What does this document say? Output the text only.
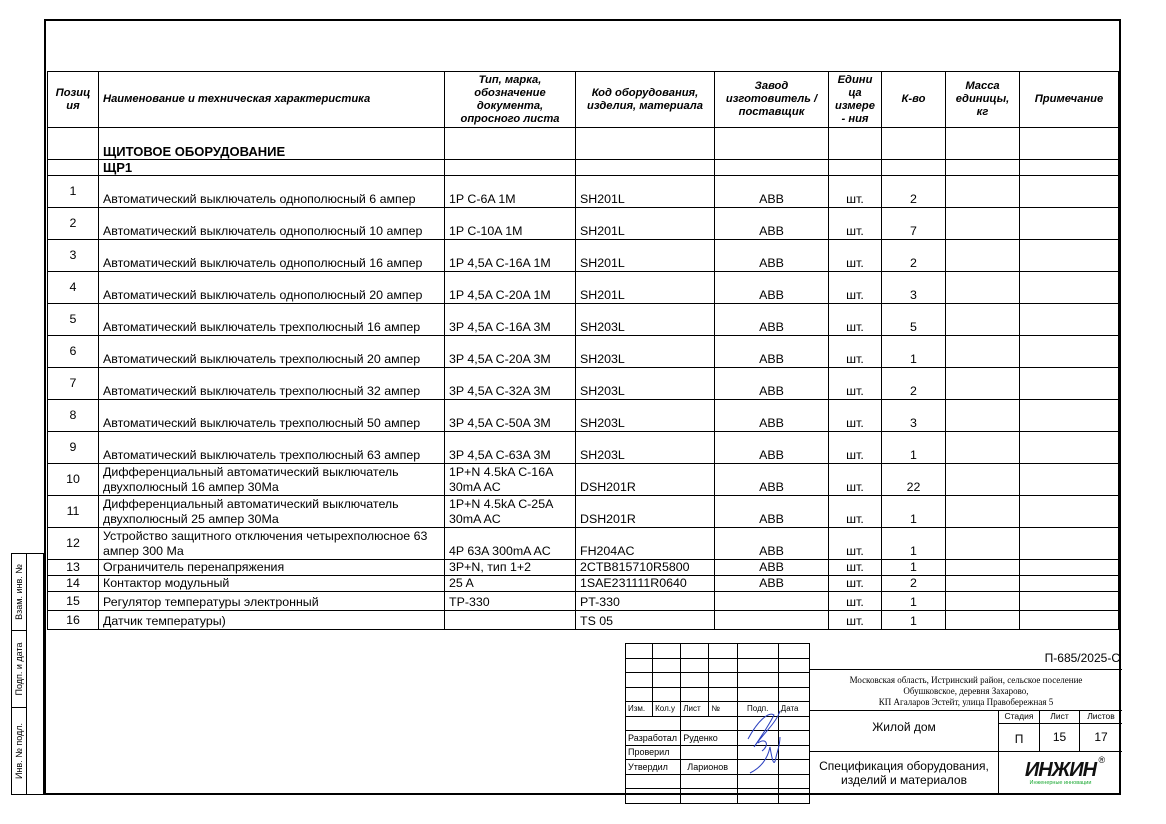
Взам. инв. №
Подп. и дата
Инв. № подл.
Позиц ия	Наименование и техническая характеристика	Тип, марка, обозначение документа, опросного листа	Код оборудования, изделия, материала	Завод изготовитель / поставщик	Едини ца измере - ния	К-во	Масса единицы, кг	Примечание
	ЩИТОВОЕ ОБОРУДОВАНИЕ							
	ЩР1							
1	Автоматический выключатель однополюсный 6 ампер	1P C-6A 1M	SH201L	ABB	шт.	2		
2	Автоматический выключатель однополюсный 10 ампер	1P C-10A 1M	SH201L	ABB	шт.	7		
3	Автоматический выключатель однополюсный 16 ампер	1P 4,5A C-16A 1M	SH201L	ABB	шт.	2		
4	Автоматический выключатель однополюсный 20 ампер	1P 4,5A C-20A 1M	SH201L	ABB	шт.	3		
5	Автоматический выключатель трехполюсный 16 ампер	3P 4,5A C-16A 3M	SH203L	ABB	шт.	5		
6	Автоматический выключатель трехполюсный 20 ампер	3P 4,5A C-20A 3M	SH203L	ABB	шт.	1		
7	Автоматический выключатель трехполюсный 32 ампер	3P 4,5A C-32A 3M	SH203L	ABB	шт.	2		
8	Автоматический выключатель трехполюсный 50 ампер	3P 4,5A C-50A 3M	SH203L	ABB	шт.	3		
9	Автоматический выключатель трехполюсный 63 ампер	3P 4,5A C-63A 3M	SH203L	ABB	шт.	1		
10	Дифференциальный автоматический выключатель двухполюсный 16 ампер 30Ма	1P+N 4.5kA C-16A 30mA AC	DSH201R	ABB	шт.	22		
11	Дифференциальный автоматический выключатель двухполюсный 25 ампер 30Ма	1P+N 4.5kA C-25A 30mA AC	DSH201R	ABB	шт.	1		
12	Устройство защитного отключения четырехполюсное 63 ампер 300 Ма	4P 63A 300mA AC	FH204AC	ABB	шт.	1		
13	Ограничитель перенапряжения	3P+N, тип 1+2	2CTB815710R5800	ABB	шт.	1		
14	Контактор модульный	25 A	1SAE231111R0640	ABB	шт.	2		
15	Регулятор температуры электронный	TP-330	PT-330		шт.	1		
16	Датчик температуры)		TS 05		шт.	1		

Изм.	Кол.у	Лист	№	Подп.	Дата

Разработал		Руденко			
Проверил					
Утвердил		Ларионов			

П-685/2025-С
Московская область, Истринский район, сельское поселение
Обушковское, деревня Захарово,
КП Агаларов Эстейт, улица Правобережная 5
Жилой дом
Стадия	Лист	Листов
П	15	17
Спецификация оборудования,
изделий и материалов	ИНЖИН ®
Инженерные инновации
